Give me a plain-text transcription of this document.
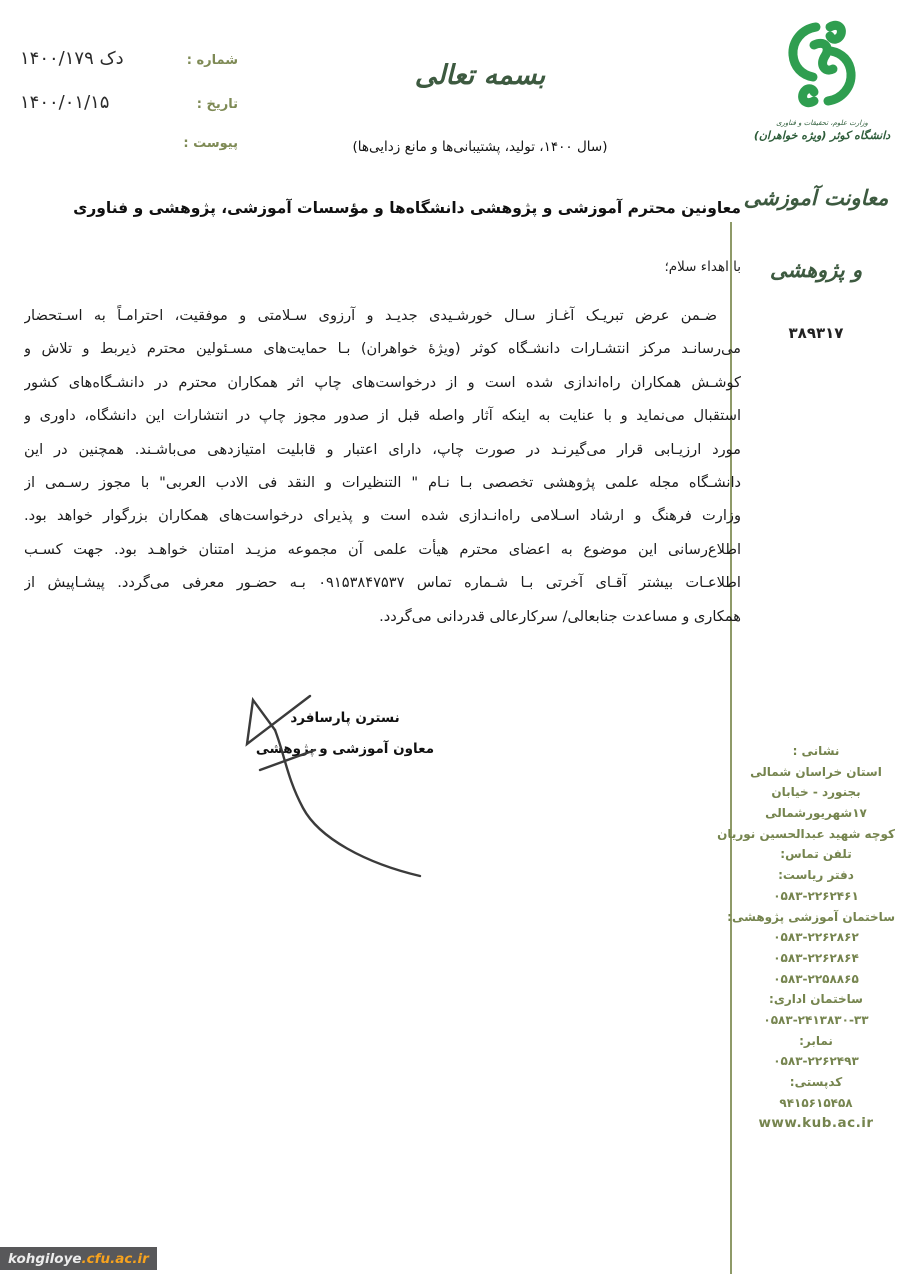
شماره :
۱۴۰۰/۱۷۹ دک
تاریخ :
۱۴۰۰/۰۱/۱۵
پیوست :
بسمه تعالی
(سال ۱۴۰۰، تولید، پشتیبانی‌ها و مانع زدایی‌ها)
وزارت علوم، تحقیقات و فناوری
دانشگاه کوثر (ویژه خواهران)
معاونت آموزشی
و پژوهشی
۳۸۹۳۱۷
معاونین محترم آموزشی و پژوهشی دانشگاه‌ها و مؤسسات آموزشی، پژوهشی و فناوری
با اهداء سلام؛
ضـمن عرض تبریـک آغـاز سـال خورشـیدی جدیـد و آرزوی سـلامتی و موفقیت، احترامـاً به اسـتحضار
می‌رسانـد مرکز انتشـارات دانشـگاه کوثر (ویژهٔ خواهران) بـا حمایت‌های مسـئولین محترم ذیربط و تلاش و
کوشـش همکاران راه‌اندازی شده است و از درخواست‌های چاپ اثر همکاران محترم در دانشـگاه‌های کشور
استقبال می‌نماید و با عنایت به اینکه آثار واصله قبل از صدور مجوز چاپ در انتشارات این دانشگاه، داوری و
مورد ارزیـابی قرار می‌گیرنـد در صورت چاپ، دارای اعتبار و قابلیت امتیازدهی می‌باشـند. همچنین در این
دانشـگاه مجله علمی پژوهشی تخصصی بـا نـام " التنظیرات و النقد فی الادب العربی" با مجوز رسـمی از
وزارت فرهنگ و ارشاد اسـلامی راه‌انـدازی شده است و پذیرای درخواست‌های همکاران بزرگوار خواهد بود.
اطلاع‌رسانی این موضوع به اعضای محترم هیأت علمی آن مجموعه مزیـد امتنان خواهـد بود. جهت کسـب
اطلاعـات بیشتر آقـای آخرتی بـا شـماره تماس ۰۹۱۵۳۸۴۷۵۳۷ بـه حضـور معرفی می‌گردد. پیشـاپیش از
همکاری و مساعدت جنابعالی/ سرکارعالی قدردانی می‌گردد.
نسترن پارسافرد
معاون آموزشی و پژوهشی	نشانی :
استان خراسان شمالی
بجنورد - خیابان
۱۷شهریورشمالی
کوچه شهید عبدالحسین نوریان
تلفن تماس:
دفتر ریاست:
۰۵۸۳-۲۲۶۲۴۶۱
ساختمان آموزشی پژوهشی:
۰۵۸۳-۲۲۶۲۸۶۲
۰۵۸۳-۲۲۶۲۸۶۴
۰۵۸۳-۲۲۵۸۸۶۵
ساختمان اداری:
۰۵۸۳-۲۴۱۳۸۳۰-۳۳
نمابر:
۰۵۸۳-۲۲۶۲۴۹۳
کدپستی:
۹۴۱۵۶۱۵۴۵۸
www.kub.ac.ir
kohgiloye .cfu.ac.ir
